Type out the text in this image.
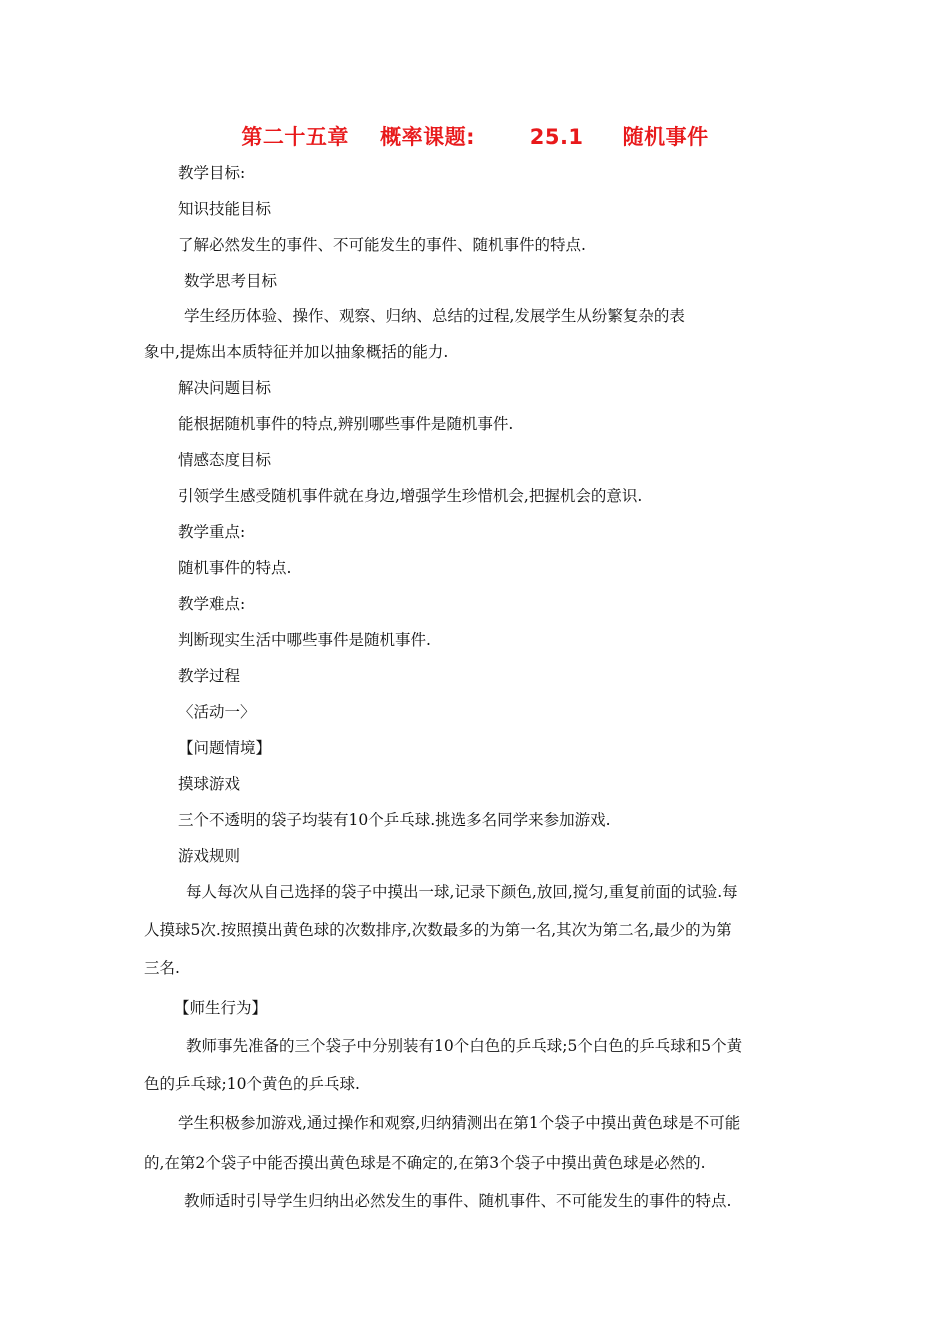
第二十五章    概率课题:       25.1     随机事件
教学目标:
知识技能目标
了解必然发生的事件、不可能发生的事件、随机事件的特点.
数学思考目标
学生经历体验、操作、观察、归纳、总结的过程,发展学生从纷繁复杂的表
象中,提炼出本质特征并加以抽象概括的能力.
解决问题目标
能根据随机事件的特点,辨别哪些事件是随机事件.
情感态度目标
引领学生感受随机事件就在身边,增强学生珍惜机会,把握机会的意识.
教学重点:
随机事件的特点.
教学难点:
判断现实生活中哪些事件是随机事件.
教学过程
〈活动一〉
【问题情境】
摸球游戏
三个不透明的袋子均装有10个乒乓球.挑选多名同学来参加游戏.
游戏规则
每人每次从自己选择的袋子中摸出一球,记录下颜色,放回,搅匀,重复前面的试验.每
人摸球5次.按照摸出黄色球的次数排序,次数最多的为第一名,其次为第二名,最少的为第
三名.
【师生行为】
教师事先准备的三个袋子中分别装有10个白色的乒乓球;5个白色的乒乓球和5个黄
色的乒乓球;10个黄色的乒乓球.
学生积极参加游戏,通过操作和观察,归纳猜测出在第1个袋子中摸出黄色球是不可能
的,在第2个袋子中能否摸出黄色球是不确定的,在第3个袋子中摸出黄色球是必然的.
教师适时引导学生归纳出必然发生的事件、随机事件、不可能发生的事件的特点.
